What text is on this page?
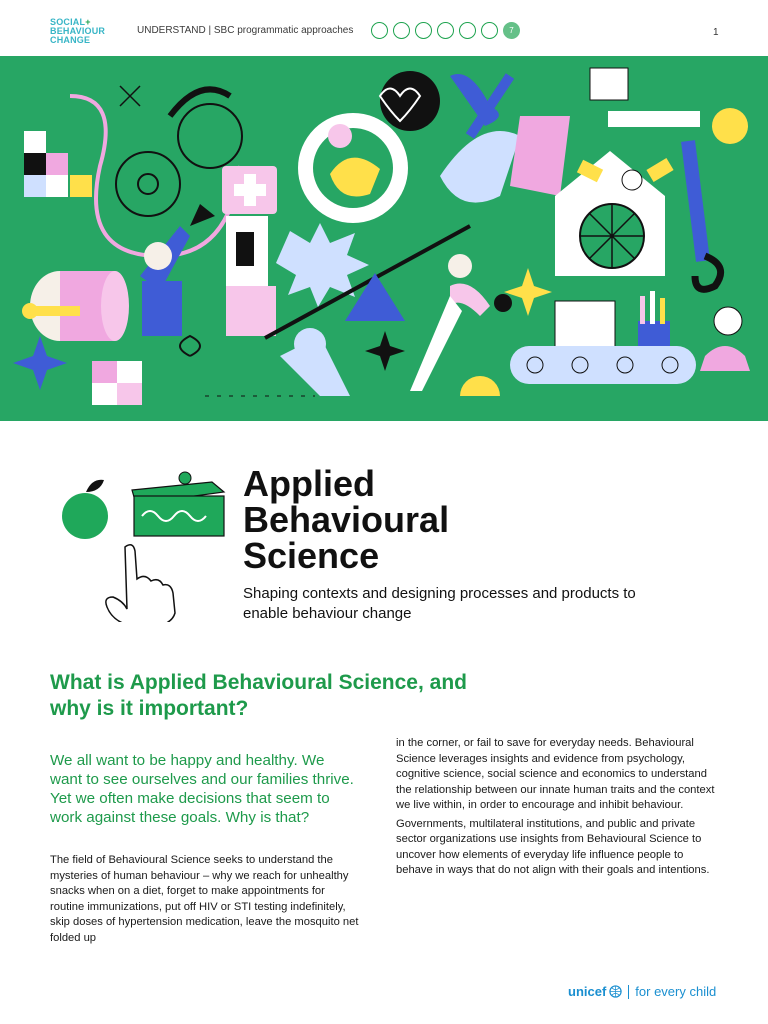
SOCIAL+
BEHAVIOUR
CHANGE
UNDERSTAND | SBC programmatic approaches	7	1
Applied
Behavioural
Science
Shaping contexts and designing processes and products to enable behaviour change
What is Applied Behavioural Science, and why is it important?
We all want to be happy and healthy. We want to see ourselves and our families thrive. Yet we often make decisions that seem to work against these goals. Why is that?
The field of Behavioural Science seeks to understand the mysteries of human behaviour – why we reach for unhealthy snacks when on a diet, forget to make appointments for routine immunizations, put off HIV or STI testing indefinitely, skip doses of hypertension medication, leave the mosquito net folded up

in the corner, or fail to save for everyday needs. Behavioural Science leverages insights and evidence from psychology, cognitive science, social science and economics to understand the relationship between our innate human traits and the context we live within, in order to encourage and inhibit behaviour.

Governments, multilateral institutions, and public and private sector organizations use insights from Behavioural Science to uncover how elements of everyday life influence people to behave in ways that do not align with their goals and intentions.

unicef for every child
